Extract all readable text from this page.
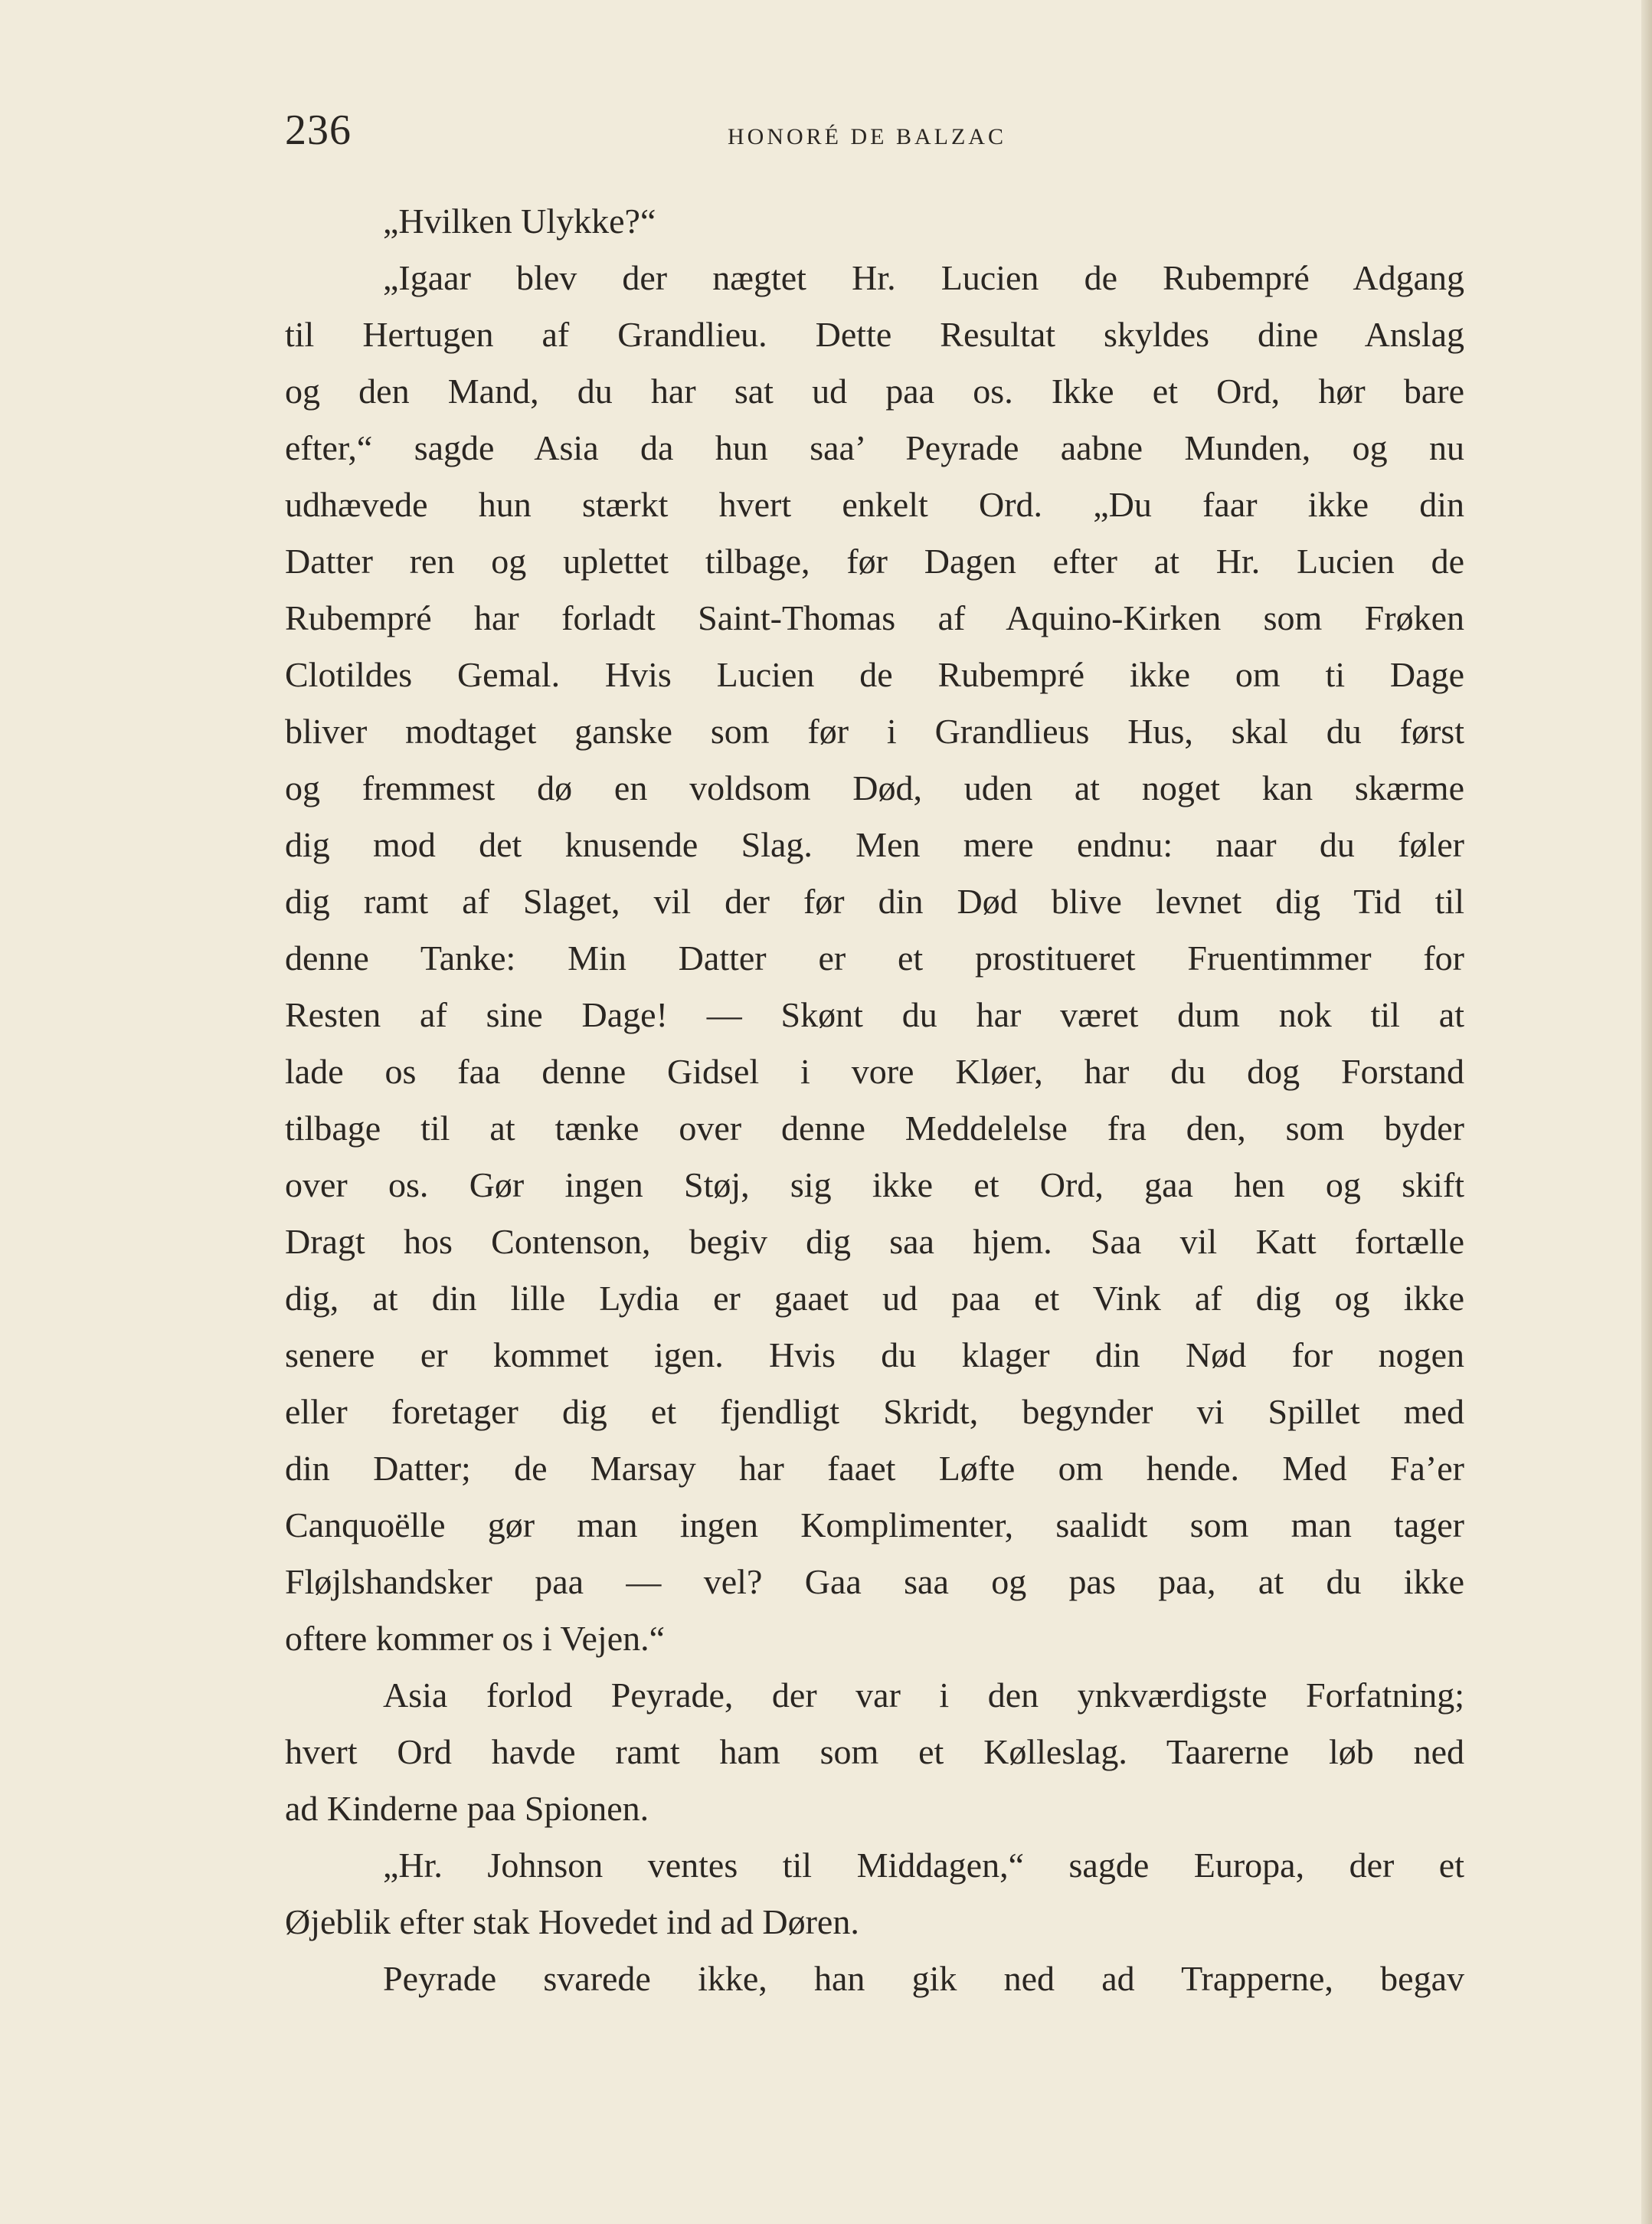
236	HONORÉ DE BALZAC
„Hvilken Ulykke?“
„Igaar blev der nægtet Hr. Lucien de Rubempré Adgang
til Hertugen af Grandlieu. Dette Resultat skyldes dine Anslag
og den Mand, du har sat ud paa os. Ikke et Ord, hør bare
efter,“ sagde Asia da hun saa’ Peyrade aabne Munden, og nu
udhævede hun stærkt hvert enkelt Ord. „Du faar ikke din
Datter ren og uplettet tilbage, før Dagen efter at Hr. Lucien de
Rubempré har forladt Saint-Thomas af Aquino-Kirken som Frøken
Clotildes Gemal. Hvis Lucien de Rubempré ikke om ti Dage
bliver modtaget ganske som før i Grandlieus Hus, skal du først
og fremmest dø en voldsom Død, uden at noget kan skærme
dig mod det knusende Slag. Men mere endnu: naar du føler
dig ramt af Slaget, vil der før din Død blive levnet dig Tid til
denne Tanke: Min Datter er et prostitueret Fruentimmer for
Resten af sine Dage! — Skønt du har været dum nok til at
lade os faa denne Gidsel i vore Kløer, har du dog Forstand
tilbage til at tænke over denne Meddelelse fra den, som byder
over os. Gør ingen Støj, sig ikke et Ord, gaa hen og skift
Dragt hos Contenson, begiv dig saa hjem. Saa vil Katt fortælle
dig, at din lille Lydia er gaaet ud paa et Vink af dig og ikke
senere er kommet igen. Hvis du klager din Nød for nogen
eller foretager dig et fjendligt Skridt, begynder vi Spillet med
din Datter; de Marsay har faaet Løfte om hende. Med Fa’er
Canquoëlle gør man ingen Komplimenter, saalidt som man tager
Fløjlshandsker paa — vel? Gaa saa og pas paa, at du ikke
oftere kommer os i Vejen.“
Asia forlod Peyrade, der var i den ynkværdigste Forfatning;
hvert Ord havde ramt ham som et Kølleslag. Taarerne løb ned
ad Kinderne paa Spionen.
„Hr. Johnson ventes til Middagen,“ sagde Europa, der et
Øjeblik efter stak Hovedet ind ad Døren.
Peyrade svarede ikke, han gik ned ad Trapperne, begav
